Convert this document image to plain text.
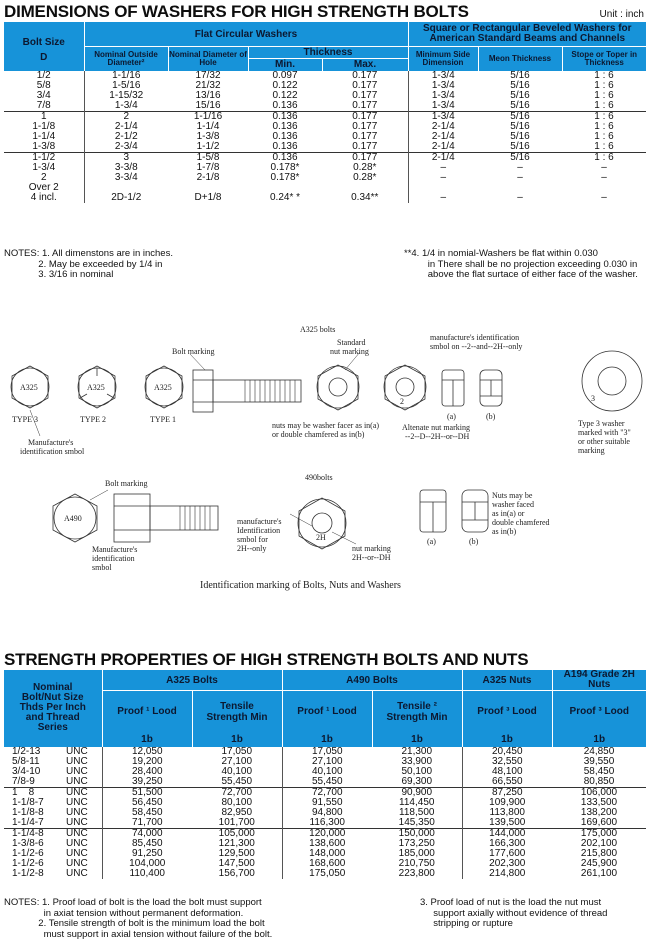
DIMENSIONS OF WASHERS FOR HIGH STRENGTH BOLTS	Unit : inch
Bolt Size
D	Flat Circular Washers				Square or Rectangular Beveled Washers for American Standard Beams and Channels		
	Nominal Outside Diameter²	Nominal Diameter of Hole	Thickness		Minimum Side Dimension	Meon Thickness	Stope or Toper in Thickness
			Min.	Max.			
1/2	1-1/16	17/32	0.097	0.177	1-3/4	5/16	1 : 6
5/8	1-5/16	21/32	0.122	0.177	1-3/4	5/16	1 : 6
3/4	1-15/32	13/16	0.122	0.177	1-3/4	5/16	1 : 6
7/8	1-3/4	15/16	0.136	0.177	1-3/4	5/16	1 : 6
1	2	1-1/16	0.136	0.177	1-3/4	5/16	1 : 6
1-1/8	2-1/4	1-1/4	0.136	0.177	2-1/4	5/16	1 : 6
1-1/4	2-1/2	1-3/8	0.136	0.177	2-1/4	5/16	1 : 6
1-3/8	2-3/4	1-1/2	0.136	0.177	2-1/4	5/16	1 : 6
1-1/2	3	1-5/8	0.136	0.177	2-1/4	5/16	1 : 6
1-3/4	3-3/8	1-7/8	0.178*	0.28*	–	–	–
2	3-3/4	2-1/8	0.178*	0.28*	–	–	–
Over 2							
4 incl.	2D-1/2	D+1/8	0.24* *	0.34**	–	–	–
NOTES: 1. All dimenstons are in inches.
2. May be exceeded by 1/4 in
3. 3/16 in nominal
**4. 1/4 in nomial-Washers be flat within 0.030
in There shall be no projection exceeding 0.030 in
above the flat surtace of either face of the washer.
A325 bolts
Bolt marking
Standard
nut marking
manufacture's identification
smbol on --2--and--2H--only
A325	A325	A325
TYPE 3	TYPE 2	TYPE 1
Manufacture's
identification smbol
nuts may be washer facer as in(a)
or double chamfered as in(b)
Altenate nut marking
--2--D--2H--or--DH
(a)	(b)
2	3
Type 3 washer
marked with "3"
or other suitable
marking
490bolts
Bolt marking
A490
Manufacture's
identification
smbol
manufacture's
Identification
smbol for
2H--only
2H
nut marking
2H--or--DH
(a)	(b)
Nuts may be
washer faced
as in(a) or
double chamfered
as in(b)
Identification marking of Bolts, Nuts and Washers
STRENGTH PROPERTIES OF HIGH STRENGTH BOLTS AND NUTS
Nominal Bolt/Nut Size Thds Per Inch and Thread Series		A325 Bolts		A490 Bolts		A325 Nuts	A194 Grade 2H Nuts
		Proof ¹ Lood	Tensile Strength Min	Proof ¹ Lood	Tensile ² Strength Min	Proof ³ Lood	Proof ³ Lood
		1b	1b	1b	1b	1b	1b
1/2-13	UNC	12,050	17,050	17,050	21,300	20,450	24,850
5/8-11	UNC	19,200	27,100	27,100	33,900	32,550	39,550
3/4-10	UNC	28,400	40,100	40,100	50,100	48,100	58,450
7/8-9	UNC	39,250	55,450	55,450	69,300	66,550	80,850
1    8	UNC	51,500	72,700	72,700	90,900	87,250	106,000
1-1/8-7	UNC	56,450	80,100	91,550	114,450	109,900	133,500
1-1/8-8	UNC	58,450	82,950	94,800	118,500	113,800	138,200
1-1/4-7	UNC	71,700	101,700	116,300	145,350	139,500	169,600
1-1/4-8	UNC	74,000	105,000	120,000	150,000	144,000	175,000
1-3/8-6	UNC	85,450	121,300	138,600	173,250	166,300	202,100
1-1/2-6	UNC	91,250	129,500	148,000	185,000	177,600	215,800
1-1/2-6	UNC	104,000	147,500	168,600	210,750	202,300	245,900
1-1/2-8	UNC	110,400	156,700	175,050	223,800	214,800	261,100
NOTES: 1. Proof load of bolt is the load the bolt must support
in axiat tension without permanent deformation.
2. Tensile strength of bolt is the minimum load the bolt
must support in axial tension without failure of the bolt.
3. Proof load of nut is the load the nut must
support axially without evidence of thread
stripping or rupture
